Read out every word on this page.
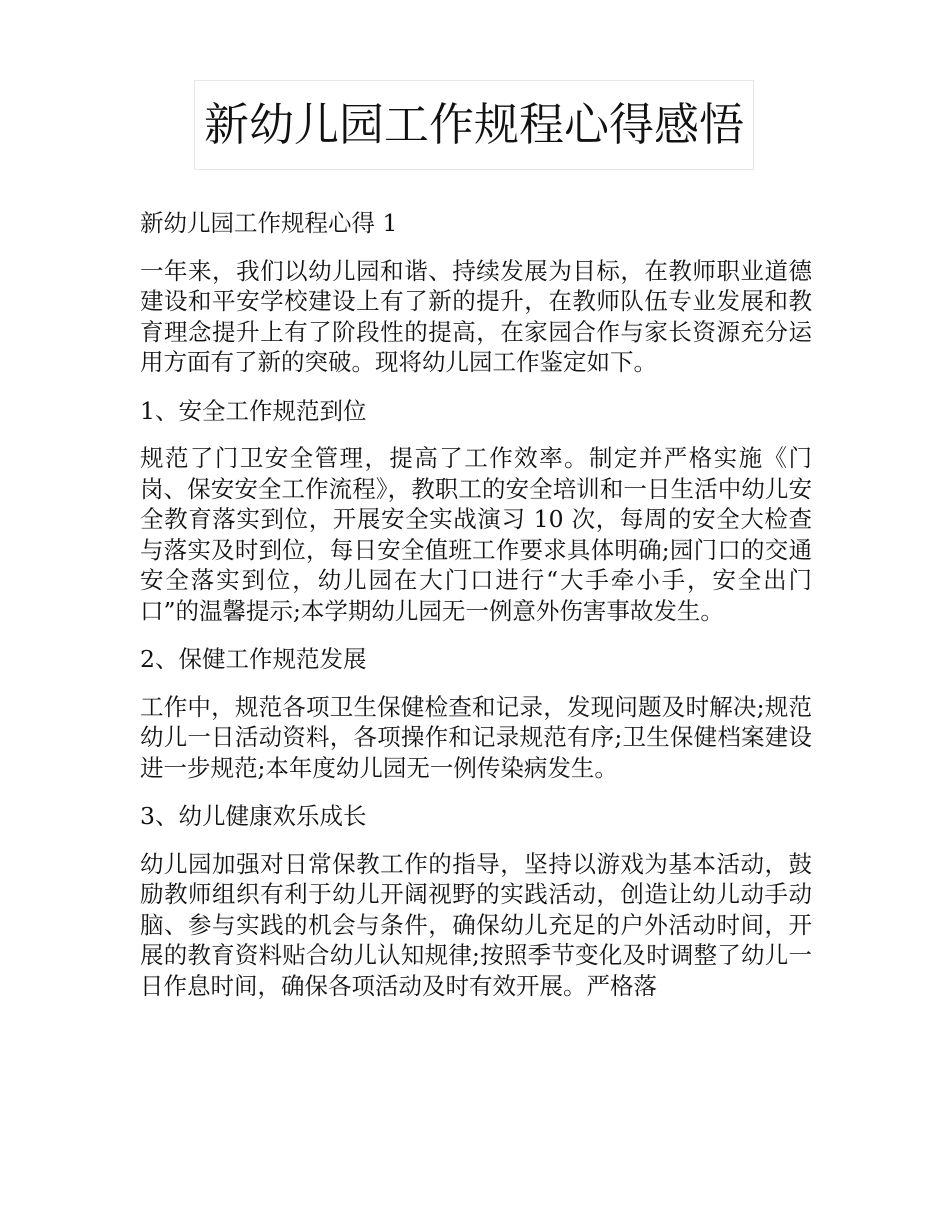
新幼儿园工作规程心得感悟

新幼儿园工作规程心得 1

一年来，我们以幼儿园和谐、持续发展为目标，在教师职业道德建设和平安学校建设上有了新的提升，在教师队伍专业发展和教育理念提升上有了阶段性的提高，在家园合作与家长资源充分运用方面有了新的突破。现将幼儿园工作鉴定如下。

1、安全工作规范到位

规范了门卫安全管理，提高了工作效率。制定并严格实施《门岗、保安安全工作流程》，教职工的安全培训和一日生活中幼儿安全教育落实到位，开展安全实战演习 10 次，每周的安全大检查与落实及时到位，每日安全值班工作要求具体明确;园门口的交通安全落实到位，幼儿园在大门口进行“大手牵小手，安全出门口”的温馨提示;本学期幼儿园无一例意外伤害事故发生。

2、保健工作规范发展

工作中，规范各项卫生保健检查和记录，发现问题及时解决;规范幼儿一日活动资料，各项操作和记录规范有序;卫生保健档案建设进一步规范;本年度幼儿园无一例传染病发生。

3、幼儿健康欢乐成长

幼儿园加强对日常保教工作的指导，坚持以游戏为基本活动，鼓励教师组织有利于幼儿开阔视野的实践活动，创造让幼儿动手动脑、参与实践的机会与条件，确保幼儿充足的户外活动时间，开展的教育资料贴合幼儿认知规律;按照季节变化及时调整了幼儿一日作息时间，确保各项活动及时有效开展。严格落
